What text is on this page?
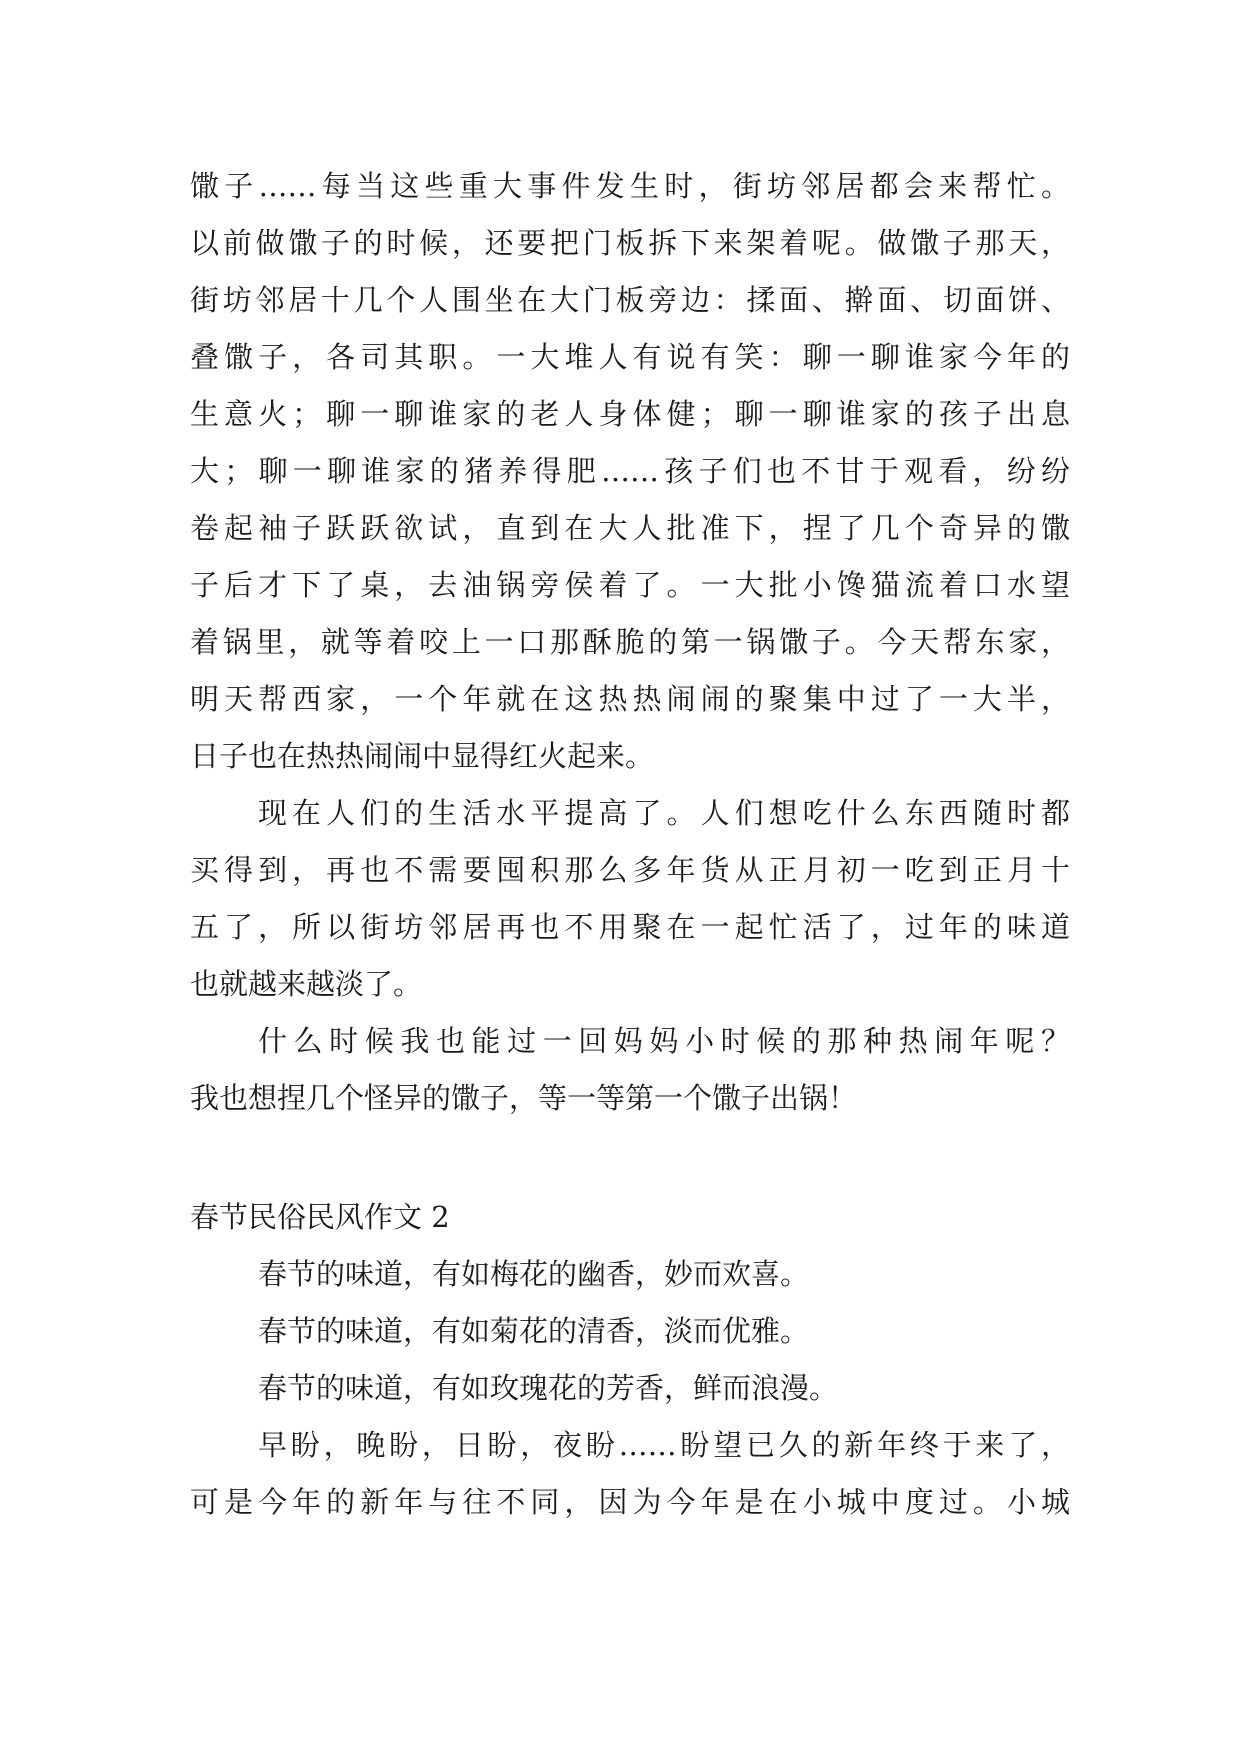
馓子……每当这些重大事件发生时，街坊邻居都会来帮忙。
以前做馓子的时候，还要把门板拆下来架着呢。做馓子那天，
街坊邻居十几个人围坐在大门板旁边：揉面、擀面、切面饼、
叠馓子，各司其职。一大堆人有说有笑：聊一聊谁家今年的
生意火；聊一聊谁家的老人身体健；聊一聊谁家的孩子出息
大；聊一聊谁家的猪养得肥……孩子们也不甘于观看，纷纷
卷起袖子跃跃欲试，直到在大人批准下，捏了几个奇异的馓
子后才下了桌，去油锅旁侯着了。一大批小馋猫流着口水望
着锅里，就等着咬上一口那酥脆的第一锅馓子。今天帮东家，
明天帮西家，一个年就在这热热闹闹的聚集中过了一大半，
日子也在热热闹闹中显得红火起来。
现在人们的生活水平提高了。人们想吃什么东西随时都
买得到，再也不需要囤积那么多年货从正月初一吃到正月十
五了，所以街坊邻居再也不用聚在一起忙活了，过年的味道
也就越来越淡了。
什么时候我也能过一回妈妈小时候的那种热闹年呢？
我也想捏几个怪异的馓子，等一等第一个馓子出锅！
春节民俗民风作文 2
春节的味道，有如梅花的幽香，妙而欢喜。
春节的味道，有如菊花的清香，淡而优雅。
春节的味道，有如玫瑰花的芳香，鲜而浪漫。
早盼，晚盼，日盼，夜盼……盼望已久的新年终于来了，
可是今年的新年与往不同，因为今年是在小城中度过。小城
